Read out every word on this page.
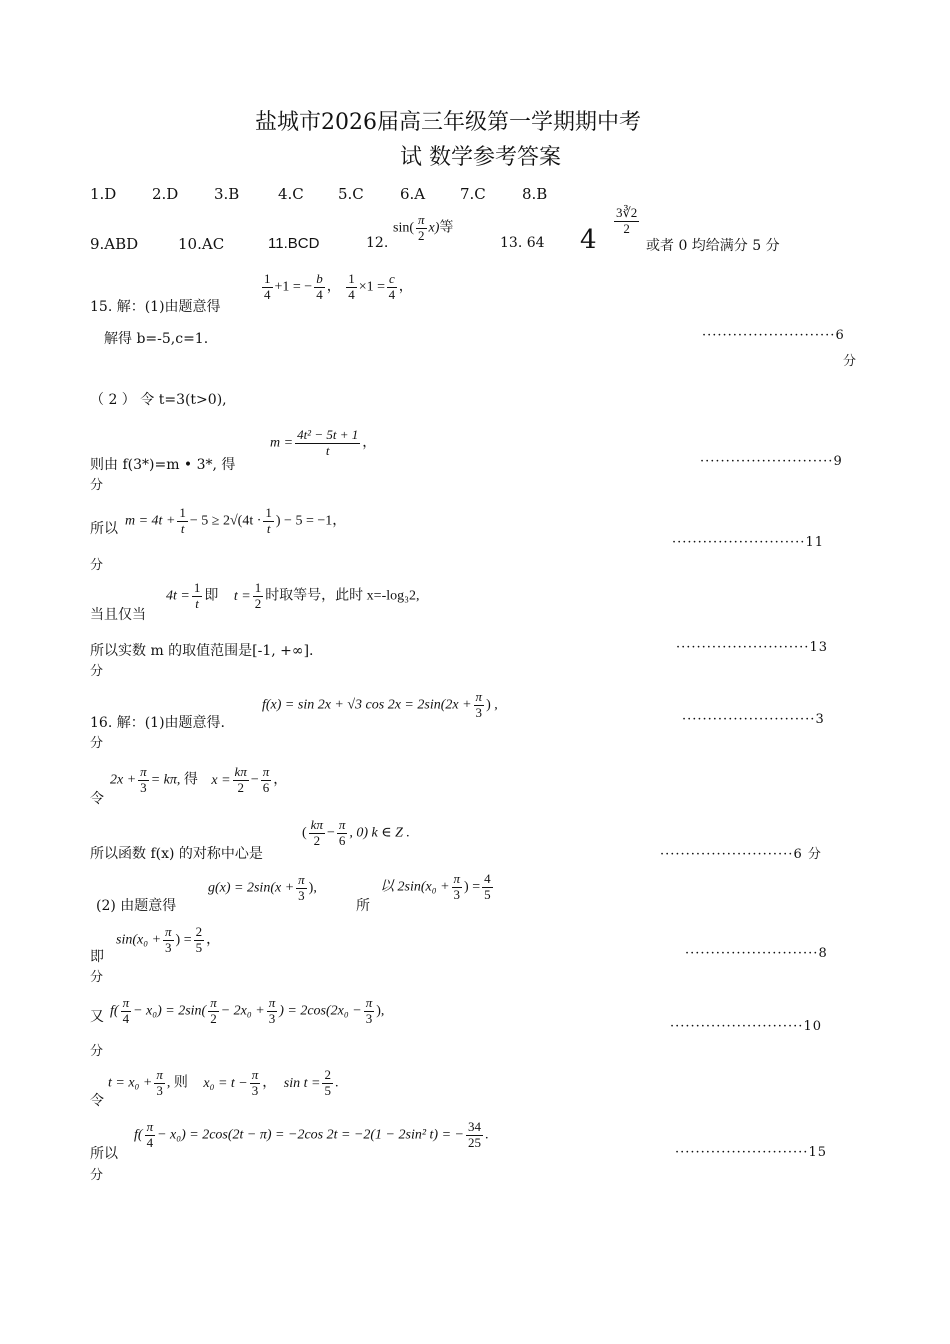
盐城市2026届高三年级第一学期期中考
试 数学参考答案
1.D 2.D 3.B	4.C 5.C 6.A 7.C 8.B
9.ABD	10.AC	11.BCD	12.
$\sin( \frac{\pi}{2} x)$等
13. 64 4
$\frac{3∛2}{2}$
或者 0 均给满分 5 分
15. 解：(1)由题意得
$\frac{1}{4} +1$ = − $\frac{b}{4}$ ， $\frac{1}{4} \times 1 = \frac{c}{4}$ ，
解得 b=-5,c=1.	··························6
分
（ 2 ） 令 t=3(t>0),
则由 f(3*)=m • 3*, 得
$m = \frac{\text{4t² − 5t + 1}}{t}$ ，
··························9
分
所以 $m = 4t + \frac{1}{t} - 5 \ge 2√(4t \cdot \frac{1}{t}$ ) − 5 = −1，
··························11
分
当且仅当
$4t = \frac{1}{t}$ 即 $t = \frac{1}{2}$ 时取等号，此时 x=-log₃2,
所以实数 m 的取值范围是[-1, +∞].	··························13
分
16. 解：(1)由题意得.
f(x) = sin 2x + √3 $\cos 2x = 2\sin(2x + \frac{\pi}{3}$ ) ,
··························3
分
令
$2x + \frac{\pi}{3} = k\pi$, 得 $x = \frac{k\pi}{2} - \frac{\pi}{6}$ ，
所以函数 f(x) 的对称中心是
( $\frac{k\pi}{2} - \frac{\pi}{6}$ , 0) k ∈ Z .
··························6 分
(2) 由题意得
$g(x) = 2\sin(x + \frac{\pi}{3}$ ),
所
以 $2\sin(x_0 + \frac{\pi}{3}$ ) = $\frac{4}{5}$
即
$\sin(x_0 + \frac{\pi}{3}$ ) = $\frac{2}{5}$ ，
··························8
分
又 $f( \frac{\pi}{4} - x_0) = 2\sin( \frac{\pi}{2} - 2x_0 + \frac{\pi}{3}$ ) = $2\cos(2x_0 - \frac{\pi}{3}$ ),
··························10
分
令
$t = x_0 + \frac{\pi}{3}$ , 则 $x_0 = t - \frac{\pi}{3}$ ， $\sin t = \frac{2}{5}$ .
所以
$f( \frac{\pi}{4} - x_0) = 2\cos(2t - \pi) = -2\cos$ 2t = −2(1 − 2sin² t) = − $\frac{34}{25}$ .
··························15
分
